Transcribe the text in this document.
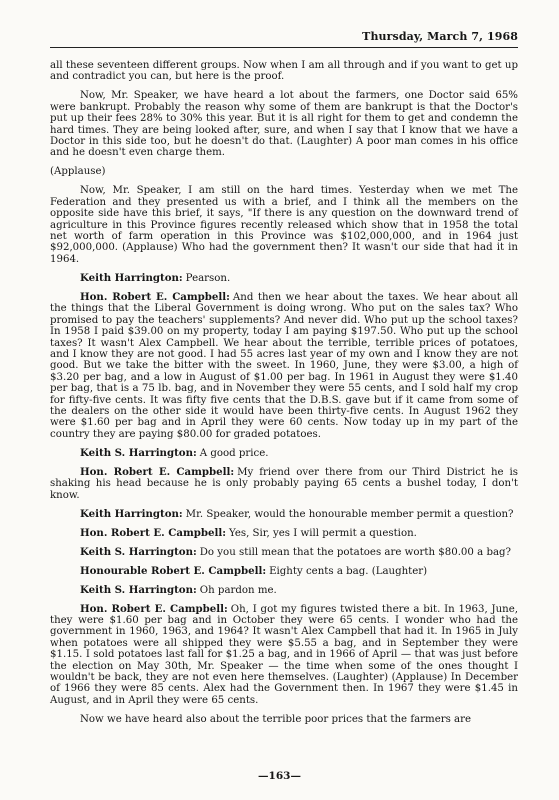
Thursday, March 7, 1968

all these seventeen different groups. Now when I am all through and if you want to get up and contradict you can, but here is the proof.

Now, Mr. Speaker, we have heard a lot about the farmers, one Doctor said 65% were bankrupt. Probably the reason why some of them are bankrupt is that the Doctor's put up their fees 28% to 30% this year. But it is all right for them to get and condemn the hard times. They are being looked after, sure, and when I say that I know that we have a Doctor in this side too, but he doesn't do that. (Laughter) A poor man comes in his office and he doesn't even charge them.

(Applause)

Now, Mr. Speaker, I am still on the hard times. Yesterday when we met The Federation and they presented us with a brief, and I think all the members on the opposite side have this brief, it says, "If there is any question on the downward trend of agriculture in this Province figures recently released which show that in 1958 the total net worth of farm operation in this Province was $102,000,000, and in 1964 just $92,000,000. (Applause) Who had the government then? It wasn't our side that had it in 1964.

Keith Harrington: Pearson.

Hon. Robert E. Campbell: And then we hear about the taxes. We hear about all the things that the Liberal Government is doing wrong. Who put on the sales tax? Who promised to pay the teachers' supplements? And never did. Who put up the school taxes? In 1958 I paid $39.00 on my property, today I am paying $197.50. Who put up the school taxes? It wasn't Alex Campbell. We hear about the terrible, terrible prices of potatoes, and I know they are not good. I had 55 acres last year of my own and I know they are not good. But we take the bitter with the sweet. In 1960, June, they were $3.00, a high of $3.20 per bag, and a low in August of $1.00 per bag. In 1961 in August they were $1.40 per bag, that is a 75 lb. bag, and in November they were 55 cents, and I sold half my crop for fifty-five cents. It was fifty five cents that the D.B.S. gave but if it came from some of the dealers on the other side it would have been thirty-five cents. In August 1962 they were $1.60 per bag and in April they were 60 cents. Now today up in my part of the country they are paying $80.00 for graded potatoes.

Keith S. Harrington: A good price.

Hon. Robert E. Campbell: My friend over there from our Third District he is shaking his head because he is only probably paying 65 cents a bushel today, I don't know.

Keith Harrington: Mr. Speaker, would the honourable member permit a question?

Hon. Robert E. Campbell: Yes, Sir, yes I will permit a question.

Keith S. Harrington: Do you still mean that the potatoes are worth $80.00 a bag?

Honourable Robert E. Campbell: Eighty cents a bag. (Laughter)

Keith S. Harrington: Oh pardon me.

Hon. Robert E. Campbell: Oh, I got my figures twisted there a bit. In 1963, June, they were $1.60 per bag and in October they were 65 cents. I wonder who had the government in 1960, 1963, and 1964? It wasn't Alex Campbell that had it. In 1965 in July when potatoes were all shipped they were $5.55 a bag, and in September they were $1.15. I sold potatoes last fall for $1.25 a bag, and in 1966 of April — that was just before the election on May 30th, Mr. Speaker — the time when some of the ones thought I wouldn't be back, they are not even here themselves. (Laughter) (Applause) In December of 1966 they were 85 cents. Alex had the Government then. In 1967 they were $1.45 in August, and in April they were 65 cents.

Now we have heard also about the terrible poor prices that the farmers are

—163—
